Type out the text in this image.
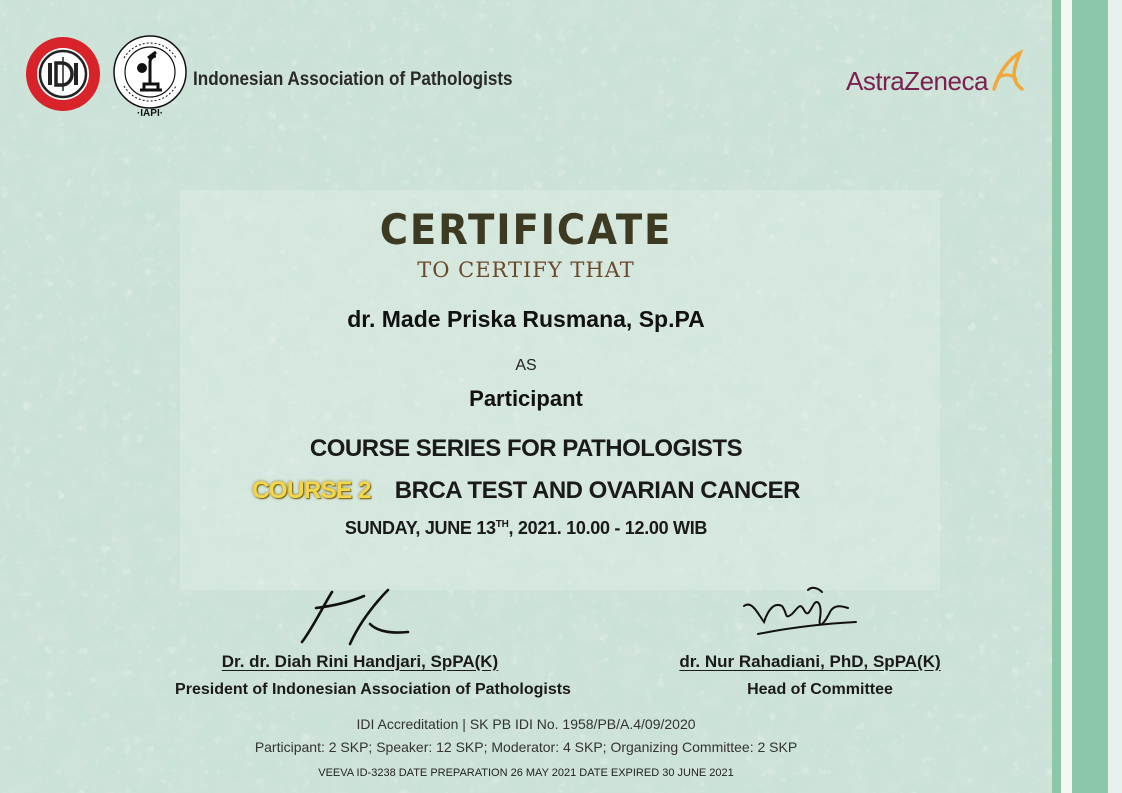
·IAPI·
Indonesian Association of Pathologists	AstraZeneca
CERTIFICATE
TO CERTIFY THAT
dr. Made Priska Rusmana, Sp.PA
AS
Participant
COURSE SERIES FOR PATHOLOGISTS
COURSE 2 BRCA TEST AND OVARIAN CANCER
SUNDAY, JUNE 13TH, 2021. 10.00 - 12.00 WIB
Dr. dr. Diah Rini Handjari, SpPA(K)
President of Indonesian Association of Pathologists
dr. Nur Rahadiani, PhD, SpPA(K)
Head of Committee
IDI Accreditation | SK PB IDI No. 1958/PB/A.4/09/2020
Participant: 2 SKP; Speaker: 12 SKP; Moderator: 4 SKP; Organizing Committee: 2 SKP
VEEVA ID-3238 DATE PREPARATION 26 MAY 2021 DATE EXPIRED 30 JUNE 2021
